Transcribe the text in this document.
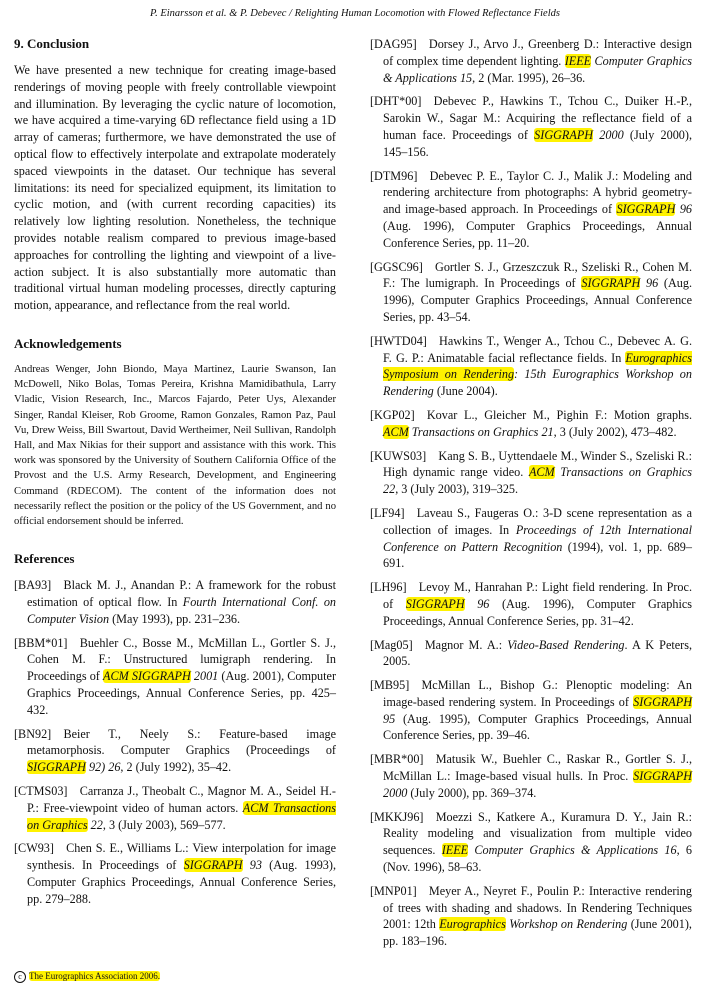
P. Einarsson et al. & P. Debevec / Relighting Human Locomotion with Flowed Reflectance Fields
9. Conclusion

We have presented a new technique for creating image-based renderings of moving people with freely controllable viewpoint and illumination. By leveraging the cyclic nature of locomotion, we have acquired a time-varying 6D reflectance field using a 1D array of cameras; furthermore, we have demonstrated the use of optical flow to effectively interpolate and extrapolate moderately spaced viewpoints in the dataset. Our technique has several limitations: its need for specialized equipment, its limitation to cyclic motion, and (with current recording capacities) its relatively low lighting resolution. Nonetheless, the technique provides notable realism compared to previous image-based approaches for controlling the lighting and viewpoint of a live-action subject. It is also substantially more automatic than traditional virtual human modeling processes, directly capturing motion, appearance, and reflectance from the real world.

Acknowledgements

Andreas Wenger, John Biondo, Maya Martinez, Laurie Swanson, Ian McDowell, Niko Bolas, Tomas Pereira, Krishna Mamidibathula, Larry Vladic, Vision Research, Inc., Marcos Fajardo, Peter Uys, Alexander Singer, Randal Kleiser, Rob Groome, Ramon Gonzales, Ramon Paz, Paul Vu, Drew Weiss, Bill Swartout, David Wertheimer, Neil Sullivan, Randolph Hall, and Max Nikias for their support and assistance with this work. This work was sponsored by the University of Southern California Office of the Provost and the U.S. Army Research, Development, and Engineering Command (RDECOM). The content of the information does not necessarily reflect the position or the policy of the US Government, and no official endorsement should be inferred.

References

[BA93]  Black M. J., Anandan P.: A framework for the robust estimation of optical flow. In Fourth International Conf. on Computer Vision (May 1993), pp. 231–236.

[BBM*01]  Buehler C., Bosse M., McMillan L., Gortler S. J., Cohen M. F.: Unstructured lumigraph rendering. In Proceedings of ACM SIGGRAPH 2001 (Aug. 2001), Computer Graphics Proceedings, Annual Conference Series, pp. 425–432.

[BN92]  Beier T., Neely S.: Feature-based image metamorphosis. Computer Graphics (Proceedings of SIGGRAPH 92) 26, 2 (July 1992), 35–42.

[CTMS03]  Carranza J., Theobalt C., Magnor M. A., Seidel H.-P.: Free-viewpoint video of human actors. ACM Transactions on Graphics 22, 3 (July 2003), 569–577.

[CW93]  Chen S. E., Williams L.: View interpolation for image synthesis. In Proceedings of SIGGRAPH 93 (Aug. 1993), Computer Graphics Proceedings, Annual Conference Series, pp. 279–288.

[DAG95]  Dorsey J., Arvo J., Greenberg D.: Interactive design of complex time dependent lighting. IEEE Computer Graphics & Applications 15, 2 (Mar. 1995), 26–36.

[DHT*00]  Debevec P., Hawkins T., Tchou C., Duiker H.-P., Sarokin W., Sagar M.: Acquiring the reflectance field of a human face. Proceedings of SIGGRAPH 2000 (July 2000), 145–156.

[DTM96]  Debevec P. E., Taylor C. J., Malik J.: Modeling and rendering architecture from photographs: A hybrid geometry- and image-based approach. In Proceedings of SIGGRAPH 96 (Aug. 1996), Computer Graphics Proceedings, Annual Conference Series, pp. 11–20.

[GGSC96]  Gortler S. J., Grzeszczuk R., Szeliski R., Cohen M. F.: The lumigraph. In Proceedings of SIGGRAPH 96 (Aug. 1996), Computer Graphics Proceedings, Annual Conference Series, pp. 43–54.

[HWTD04]  Hawkins T., Wenger A., Tchou C., Debevec A. G. F. G. P.: Animatable facial reflectance fields. In Eurographics Symposium on Rendering: 15th Eurographics Workshop on Rendering (June 2004).

[KGP02]  Kovar L., Gleicher M., Pighin F.: Motion graphs. ACM Transactions on Graphics 21, 3 (July 2002), 473–482.

[KUWS03]  Kang S. B., Uyttendaele M., Winder S., Szeliski R.: High dynamic range video. ACM Transactions on Graphics 22, 3 (July 2003), 319–325.

[LF94]  Laveau S., Faugeras O.: 3-D scene representation as a collection of images. In Proceedings of 12th International Conference on Pattern Recognition (1994), vol. 1, pp. 689–691.

[LH96]  Levoy M., Hanrahan P.: Light field rendering. In Proc. of SIGGRAPH 96 (Aug. 1996), Computer Graphics Proceedings, Annual Conference Series, pp. 31–42.

[Mag05]  Magnor M. A.: Video-Based Rendering. A K Peters, 2005.

[MB95]  McMillan L., Bishop G.: Plenoptic modeling: An image-based rendering system. In Proceedings of SIGGRAPH 95 (Aug. 1995), Computer Graphics Proceedings, Annual Conference Series, pp. 39–46.

[MBR*00]  Matusik W., Buehler C., Raskar R., Gortler S. J., McMillan L.: Image-based visual hulls. In Proc. SIGGRAPH 2000 (July 2000), pp. 369–374.

[MKKJ96]  Moezzi S., Katkere A., Kuramura D. Y., Jain R.: Reality modeling and visualization from multiple video sequences. IEEE Computer Graphics & Applications 16, 6 (Nov. 1996), 58–63.

[MNP01]  Meyer A., Neyret F., Poulin P.: Interactive rendering of trees with shading and shadows. In Rendering Techniques 2001: 12th Eurographics Workshop on Rendering (June 2001), pp. 183–196.

c The Eurographics Association 2006.
